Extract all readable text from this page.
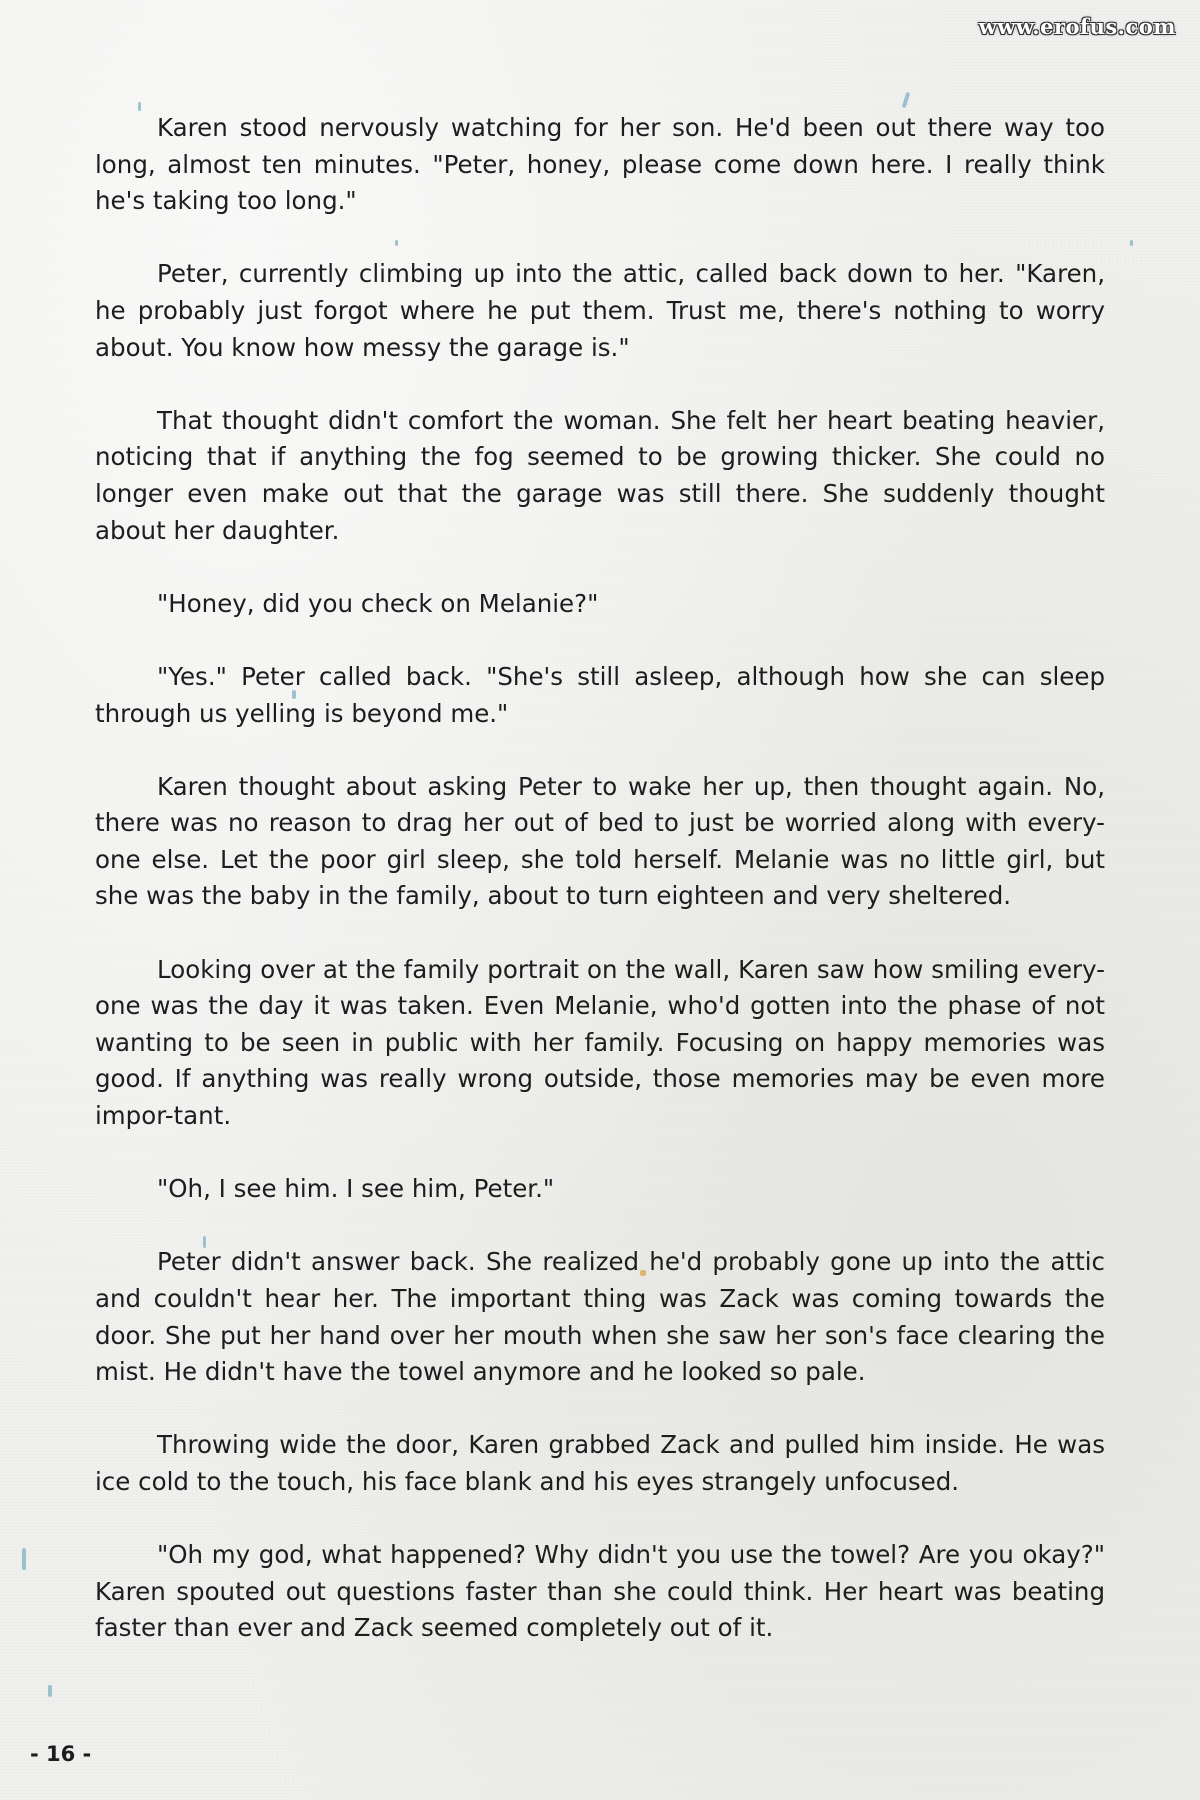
www.erofus.com

Karen stood nervously watching for her son. He'd been out there way too long, almost ten minutes. "Peter, honey, please come down here. I really think he's taking too long."

Peter, currently climbing up into the attic, called back down to her. "Karen, he probably just forgot where he put them. Trust me, there's nothing to worry about. You know how messy the garage is."

That thought didn't comfort the woman. She felt her heart beating heavier, noticing that if anything the fog seemed to be growing thicker. She could no longer even make out that the garage was still there. She suddenly thought about her daughter.

"Honey, did you check on Melanie?"

"Yes." Peter called back. "She's still asleep, although how she can sleep through us yelling is beyond me."

Karen thought about asking Peter to wake her up, then thought again. No, there was no reason to drag her out of bed to just be worried along with every-one else. Let the poor girl sleep, she told herself. Melanie was no little girl, but she was the baby in the family, about to turn eighteen and very sheltered.

Looking over at the family portrait on the wall, Karen saw how smiling every-one was the day it was taken. Even Melanie, who'd gotten into the phase of not wanting to be seen in public with her family. Focusing on happy memories was good. If anything was really wrong outside, those memories may be even more impor-tant.

"Oh, I see him. I see him, Peter."

Peter didn't answer back. She realized he'd probably gone up into the attic and couldn't hear her. The important thing was Zack was coming towards the door. She put her hand over her mouth when she saw her son's face clearing the mist. He didn't have the towel anymore and he looked so pale.

Throwing wide the door, Karen grabbed Zack and pulled him inside. He was ice cold to the touch, his face blank and his eyes strangely unfocused.

"Oh my god, what happened? Why didn't you use the towel? Are you okay?" Karen spouted out questions faster than she could think. Her heart was beating faster than ever and Zack seemed completely out of it.

- 16 -
